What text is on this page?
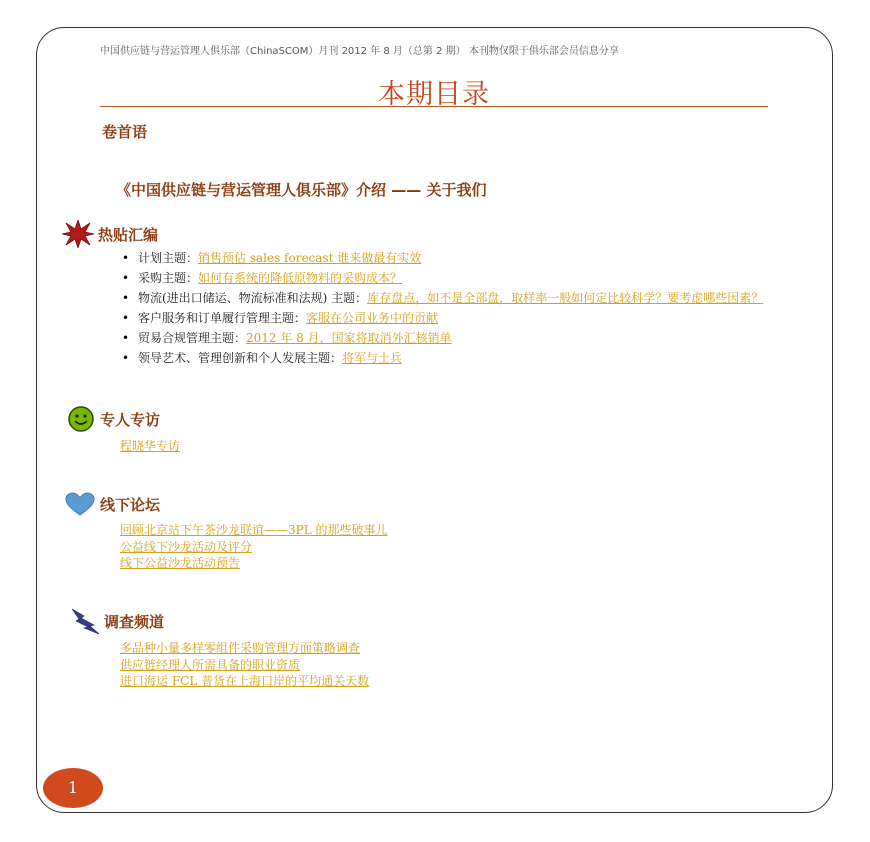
中国供应链与营运管理人俱乐部（ChinaSCOM）月刊 2012 年 8 月（总第 2 期） 本刊物仅限于俱乐部会员信息分享
本期目录
卷首语
《中国供应链与营运管理人俱乐部》介绍 —— 关于我们
热贴汇编
• 计划主题：销售预估 sales forecast 谁来做最有实效
• 采购主题：如何有系统的降低原物料的采购成本？
• 物流(进出口储运、物流标准和法规) 主题：库存盘点，如不是全部盘，取样率一般如何定比较科学？要考虑哪些因素？
• 客户服务和订单履行管理主题：客服在公司业务中的贡献
• 贸易合规管理主题：2012 年 8 月，国家将取消外汇核销单
• 领导艺术、管理创新和个人发展主题：将军与士兵
专人专访
程晓华专访
线下论坛
回顾北京站下午茶沙龙联谊——3PL 的那些破事儿
公益线下沙龙活动及评分
线下公益沙龙活动预告
调查频道
多品种小量多样零组件采购管理方面策略调查
供应链经理人所需具备的职业资质
进口海运 FCL 普货在上海口岸的平均通关天数
1
